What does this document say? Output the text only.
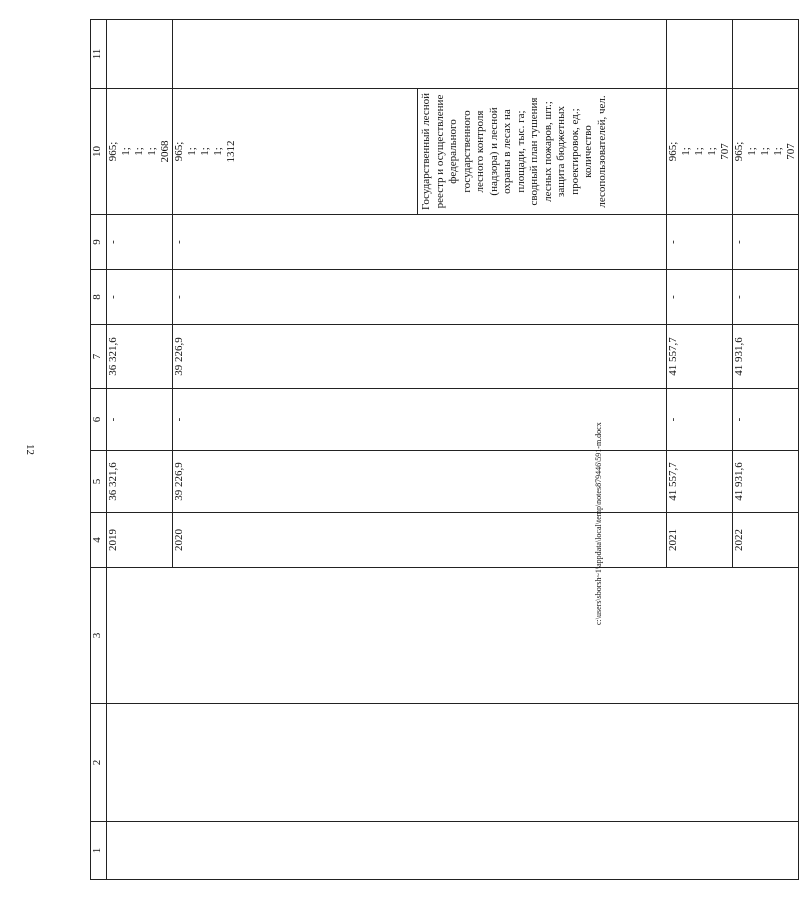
12
1	2	3	4	5	6	7	8	9	10	11
			2019	36 321,6	-	36 321,6	-	-	965; 1; 1; 1; 2068	

			2020	39 226,9	-	39 226,9	-	-	965; 1; 1; 1; 1312	

									Государственный лесной реестр и осуществление федерального государственного лесного контроля (надзора) и лесной охраны в лесах на площади, тыс. га; сводный план тушения лесных пожаров, шт.; защита бюджетных проектировок, ед.; количество лесопользователей, чел.	
			2021	41 557,7	-	41 557,7	-	-	965; 1; 1; 1; 707	

			2022	41 931,6	-	41 931,6	-	-	965; 1; 1; 1; 707	

c:\users\sborsh~1\appdata\local\temp\notes879446\591-m.docx
